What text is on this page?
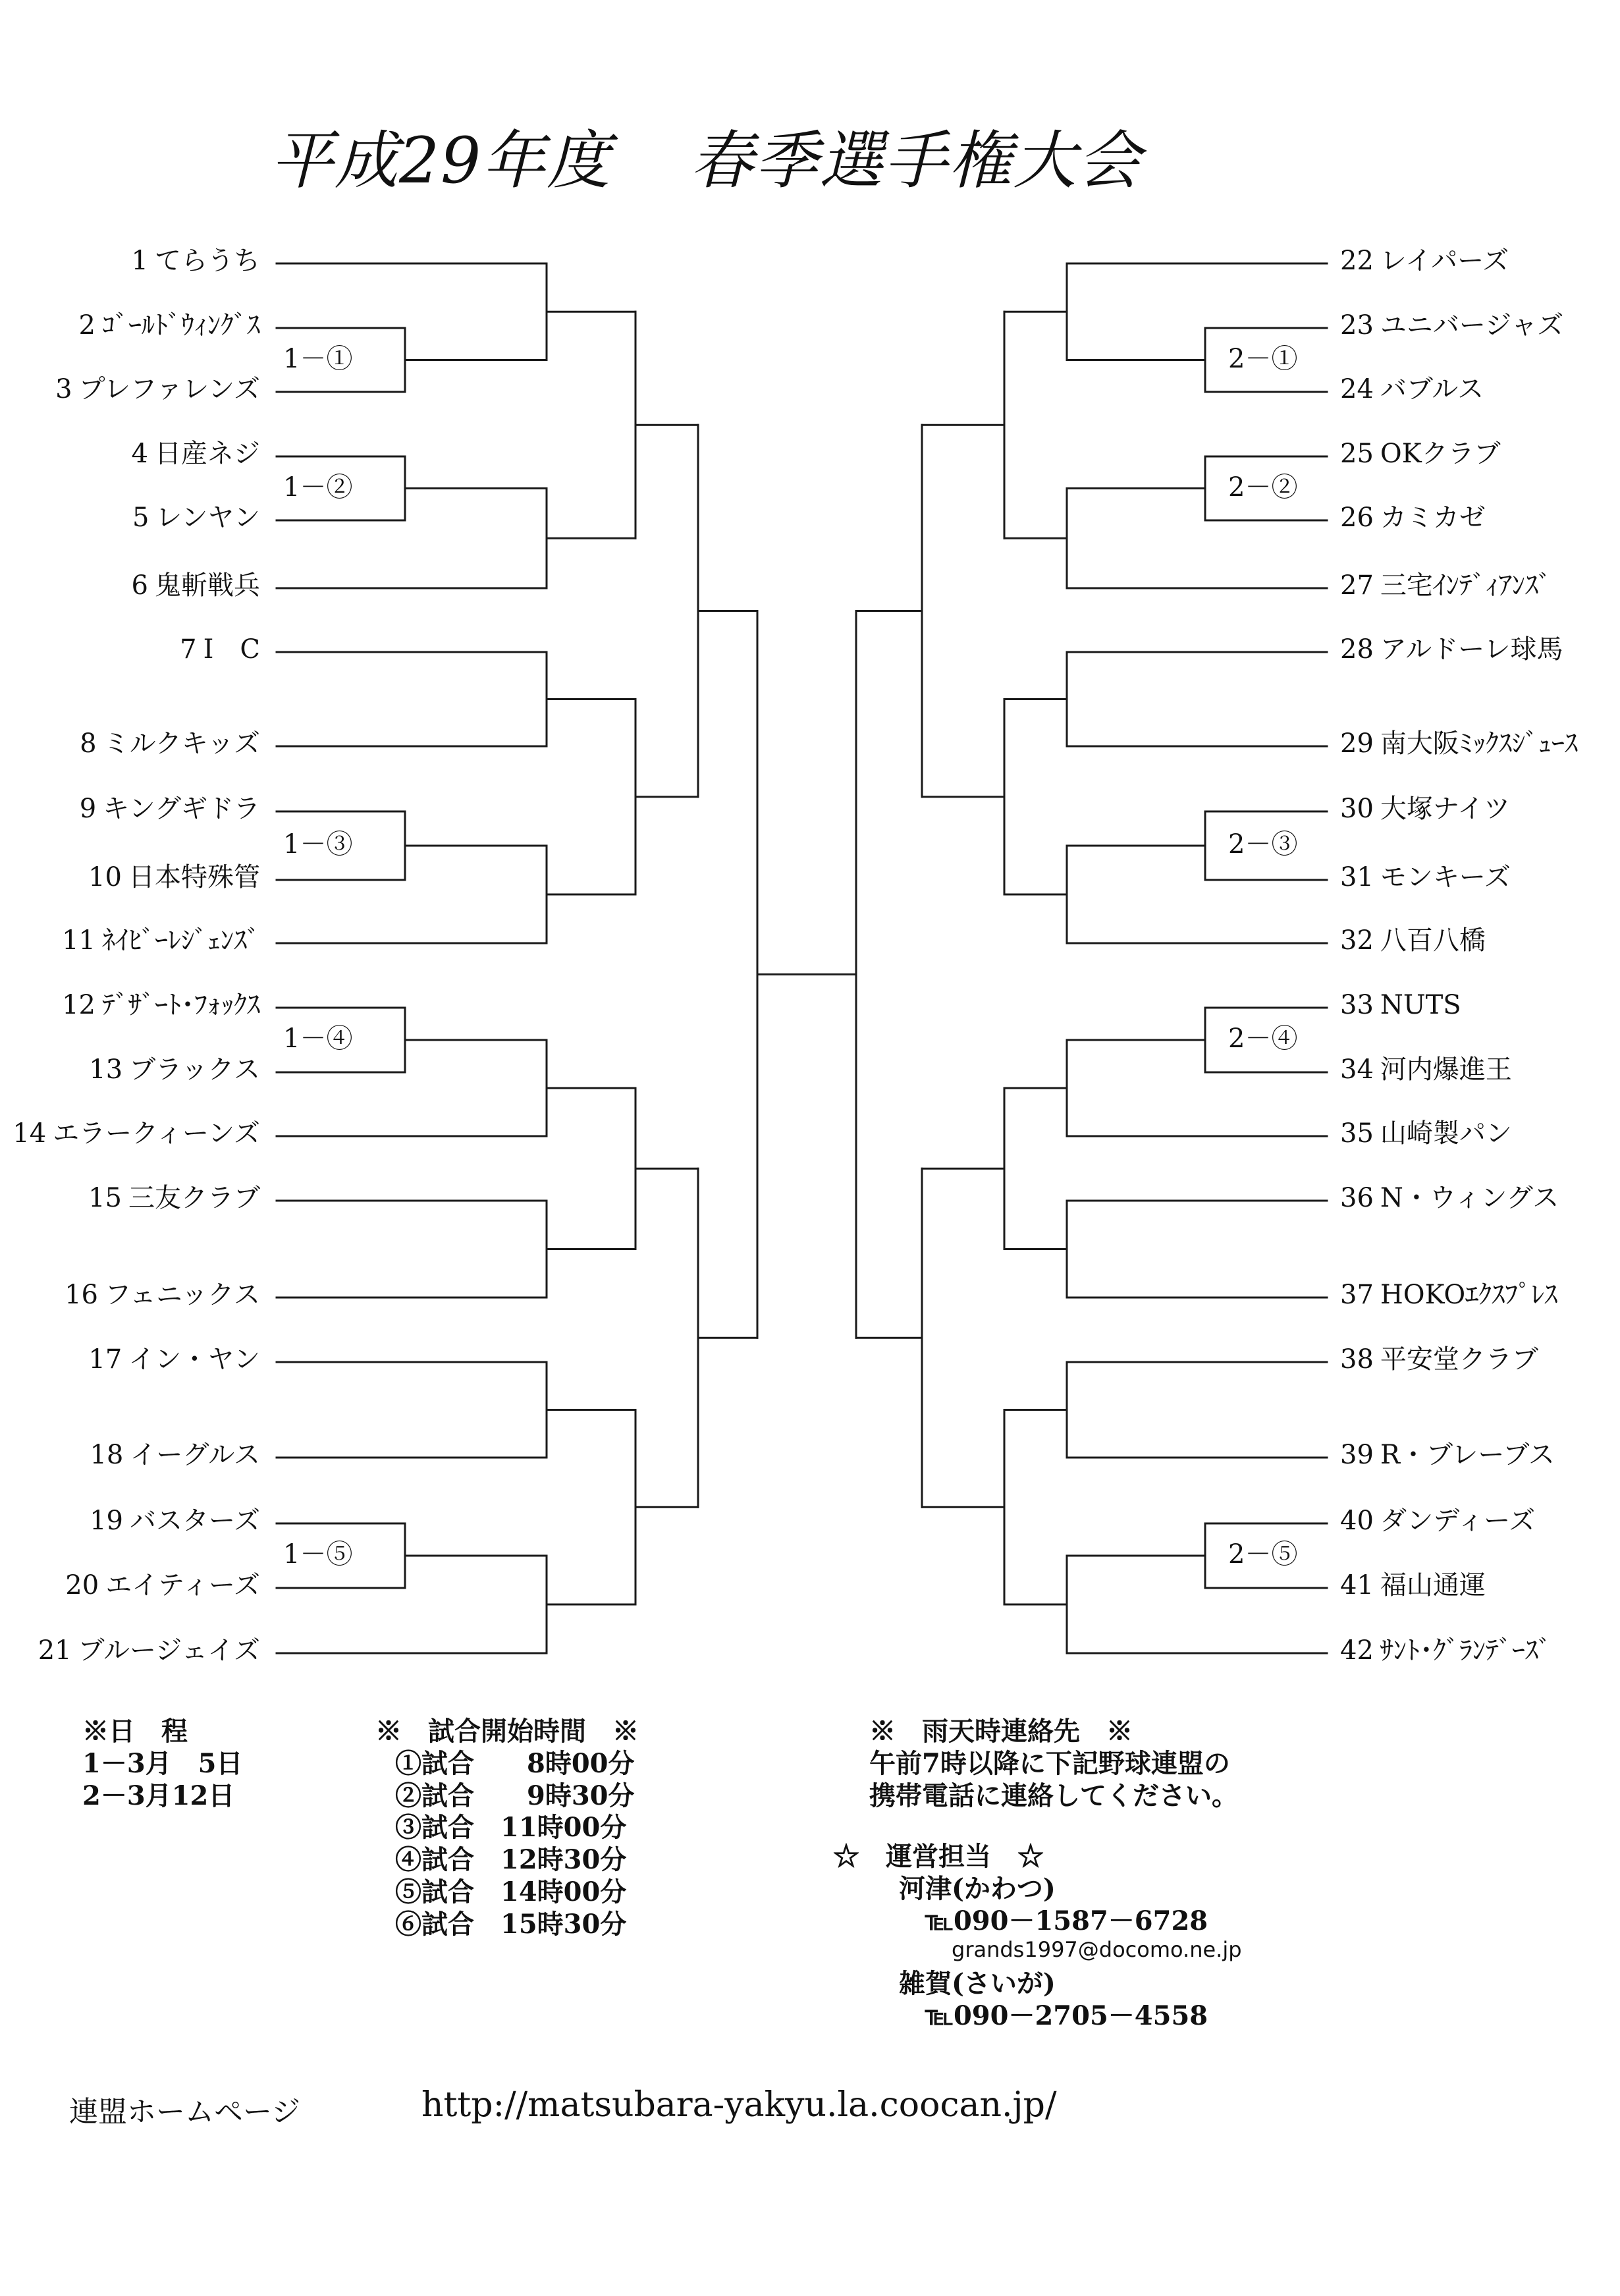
平成29年度 春季選手権大会
1 てらうち	22 レイパーズ
2 ｺﾞｰﾙﾄﾞｳｨﾝｸﾞｽ	23 ユニバージャズ
3 プレファレンズ	24 バブルス
4 日産ネジ	25 OKクラブ
5 レンヤン	26 カミカゼ
6 鬼斬戦兵	27 三宅ｲﾝﾃﾞｨｱﾝｽﾞ
7 I　C	28 アルドーレ球馬
8 ミルクキッズ	29 南大阪ﾐｯｸｽｼﾞｭｰｽ
9 キングギドラ	30 大塚ナイツ
10 日本特殊管	31 モンキーズ
11 ﾈｲﾋﾞｰﾚｼﾞｪﾝｽﾞ	32 八百八橋
12 ﾃﾞｻﾞｰﾄ･ﾌｫｯｸｽ	33 NUTS
13 ブラックス	34 河内爆進王
14 エラークィーンズ	35 山崎製パン
15 三友クラブ	36 N・ウィングス
16 フェニックス	37 HOKOｴｸｽﾌﾟﾚｽ
17 イン・ヤン	38 平安堂クラブ
18 イーグルス	39 R・ブレーブス
19 バスターズ	40 ダンディーズ
20 エイティーズ	41 福山通運
21 ブルージェイズ	42 ｻﾝﾄ･ｸﾞﾗﾝﾃﾞｰｽﾞ
1－①
1－②
1－③
1－④
1－⑤
2－①
2－②
2－③
2－④
2－⑤
※日　程
1－3月　5日
2－3月12日
※　試合開始時間　※
①試合　　8時00分
②試合　　9時30分
③試合　11時00分
④試合　12時30分
⑤試合　14時00分
⑥試合　15時30分
※　雨天時連絡先　※
午前7時以降に下記野球連盟の
携帯電話に連絡してください。
☆　運営担当　☆
河津(かわつ)
℡090－1587－6728
grands1997@docomo.ne.jp
雑賀(さいが)
℡090－2705－4558
連盟ホームページ	http://matsubara-yakyu.la.coocan.jp/
